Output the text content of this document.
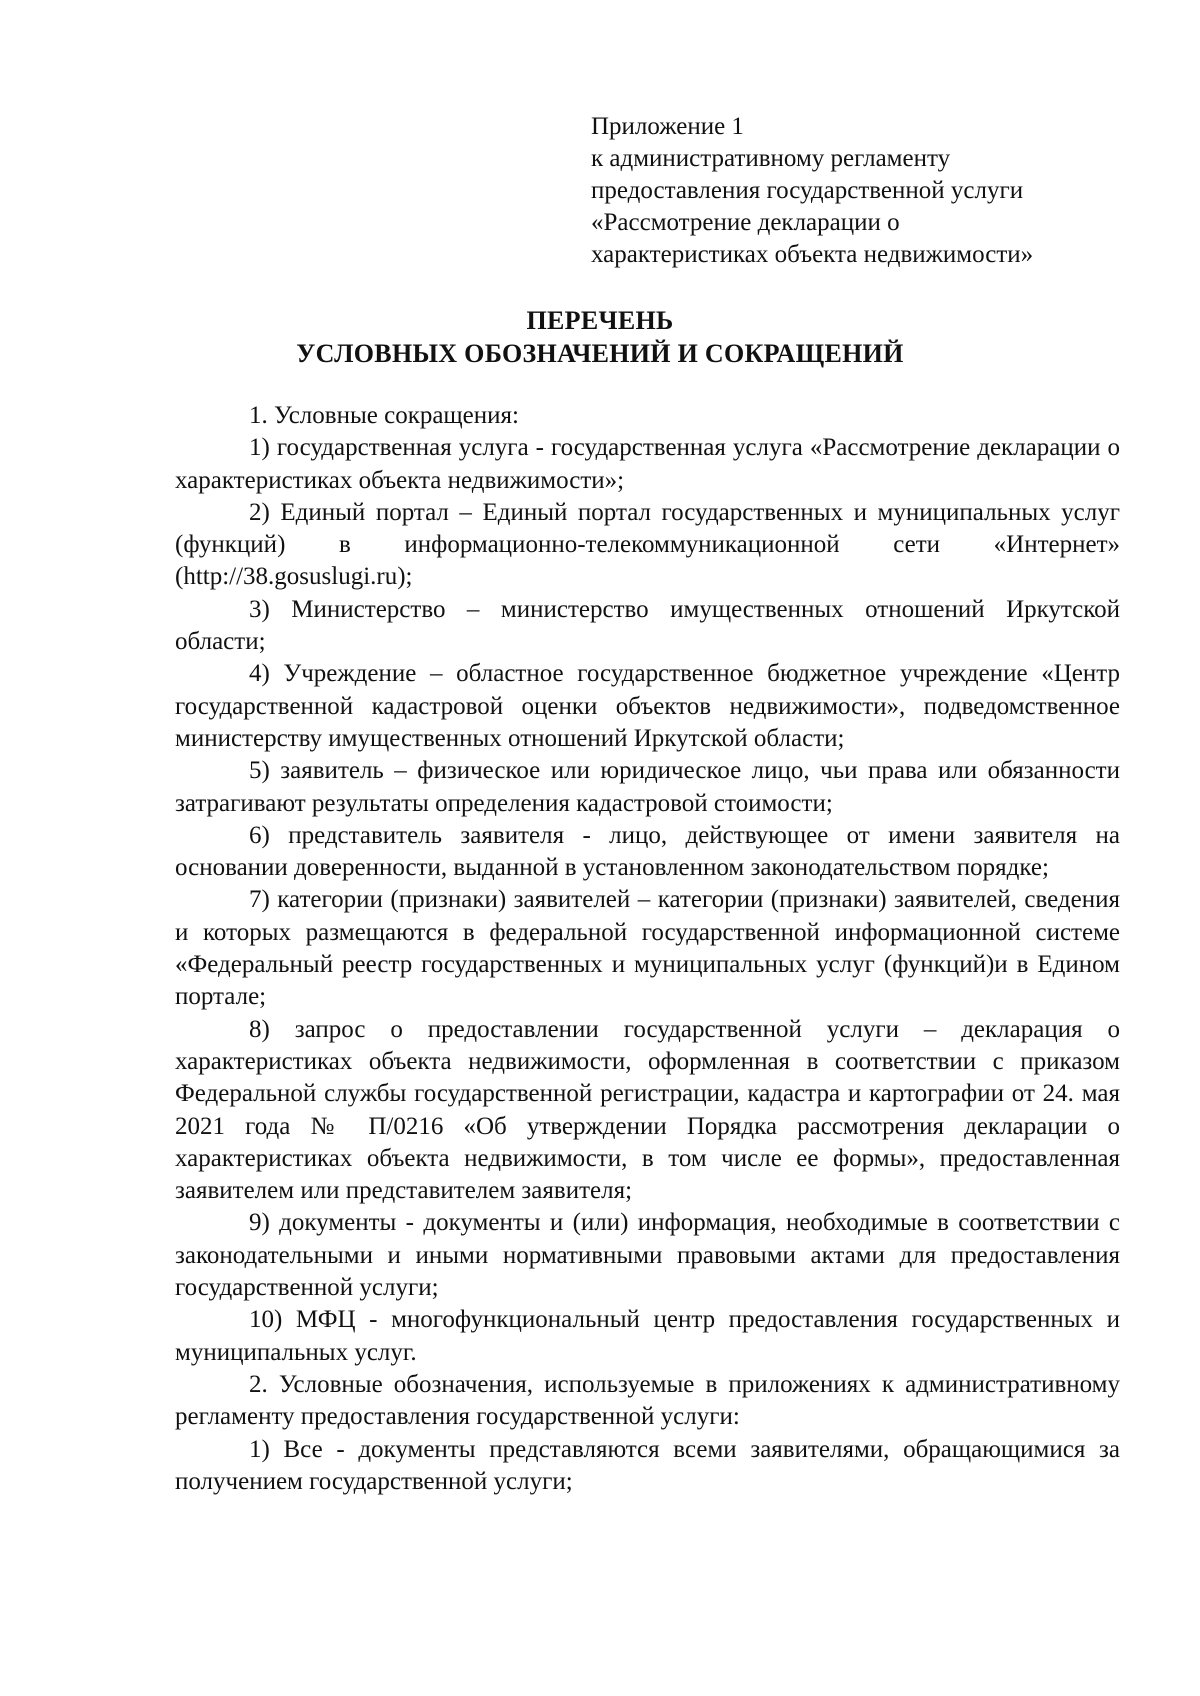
Приложение 1
к административному регламенту
предоставления государственной услуги
«Рассмотрение декларации о
характеристиках объекта недвижимости»
ПЕРЕЧЕНЬ
УСЛОВНЫХ ОБОЗНАЧЕНИЙ И СОКРАЩЕНИЙ

1. Условные сокращения:

1) государственная услуга - государственная услуга «Рассмотрение декларации о характеристиках объекта недвижимости»;

2) Единый портал – Единый портал государственных и муниципальных услуг (функций) в информационно-телекоммуникационной сети «Интернет» (http://38.gosuslugi.ru);

3) Министерство – министерство имущественных отношений Иркутской области;

4) Учреждение – областное государственное бюджетное учреждение «Центр государственной кадастровой оценки объектов недвижимости», подведомственное министерству имущественных отношений Иркутской области;

5) заявитель – физическое или юридическое лицо, чьи права или обязанности затрагивают результаты определения кадастровой стоимости;

6) представитель заявителя - лицо, действующее от имени заявителя на основании доверенности, выданной в установленном законодательством порядке;

7) категории (признаки) заявителей – категории (признаки) заявителей, сведения и которых размещаются в федеральной государственной информационной системе «Федеральный реестр государственных и муниципальных услуг (функций)и в Едином портале;

8) запрос о предоставлении государственной услуги – декларация о характеристиках объекта недвижимости, оформленная в соответствии с приказом Федеральной службы государственной регистрации, кадастра и картографии от 24. мая 2021 года № П/0216 «Об утверждении Порядка рассмотрения декларации о характеристиках объекта недвижимости, в том числе ее формы», предоставленная заявителем или представителем заявителя;

9) документы - документы и (или) информация, необходимые в соответствии с законодательными и иными нормативными правовыми актами для предоставления государственной услуги;

10) МФЦ - многофункциональный центр предоставления государственных и муниципальных услуг.

2. Условные обозначения, используемые в приложениях к административному регламенту предоставления государственной услуги:

1) Все - документы представляются всеми заявителями, обращающимися за получением государственной услуги;
